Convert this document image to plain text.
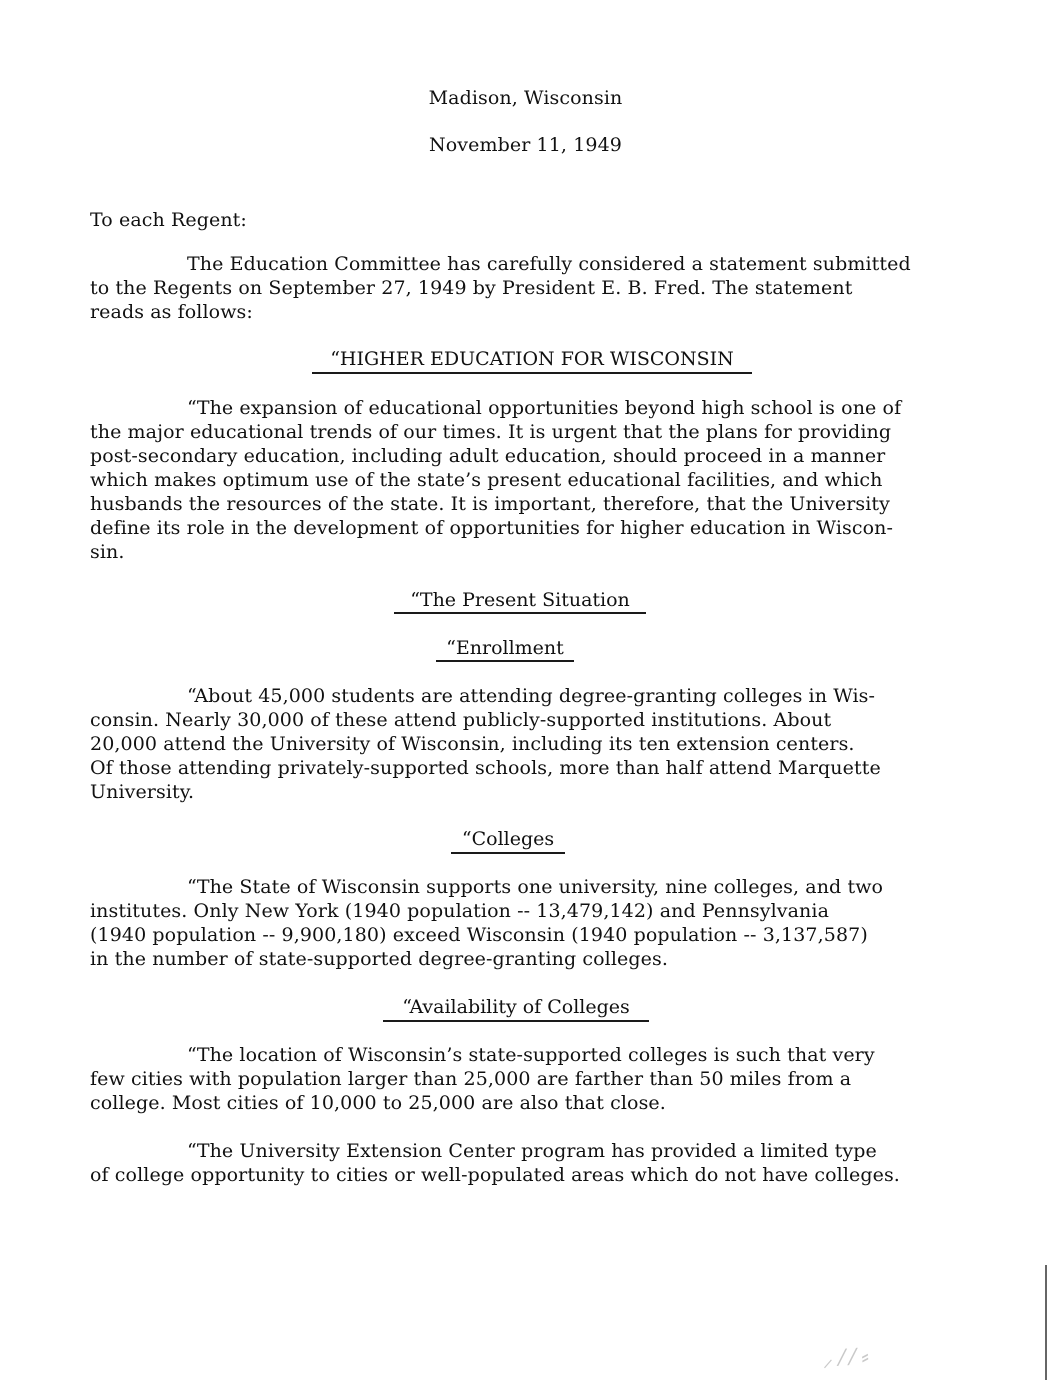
Madison, Wisconsin
November 11, 1949
To each Regent:
The Education Committee has carefully considered a statement submitted
to the Regents on September 27, 1949 by President E. B. Fred. The statement
reads as follows:
“HIGHER EDUCATION FOR WISCONSIN
“The expansion of educational opportunities beyond high school is one of
the major educational trends of our times. It is urgent that the plans for providing
post-secondary education, including adult education, should proceed in a manner
which makes optimum use of the state’s present educational facilities, and which
husbands the resources of the state. It is important, therefore, that the University
define its role in the development of opportunities for higher education in Wiscon-
sin.
“The Present Situation
“Enrollment
“About 45,000 students are attending degree-granting colleges in Wis-
consin. Nearly 30,000 of these attend publicly-supported institutions. About
20,000 attend the University of Wisconsin, including its ten extension centers.
Of those attending privately-supported schools, more than half attend Marquette
University.
“Colleges
“The State of Wisconsin supports one university, nine colleges, and two
institutes. Only New York (1940 population -- 13,479,142) and Pennsylvania
(1940 population -- 9,900,180) exceed Wisconsin (1940 population -- 3,137,587)
in the number of state-supported degree-granting colleges.
“Availability of Colleges
“The location of Wisconsin’s state-supported colleges is such that very
few cities with population larger than 25,000 are farther than 50 miles from a
college. Most cities of 10,000 to 25,000 are also that close.
“The University Extension Center program has provided a limited type
of college opportunity to cities or well-populated areas which do not have colleges.
⸝ ⁄ ⁄ ⸗
